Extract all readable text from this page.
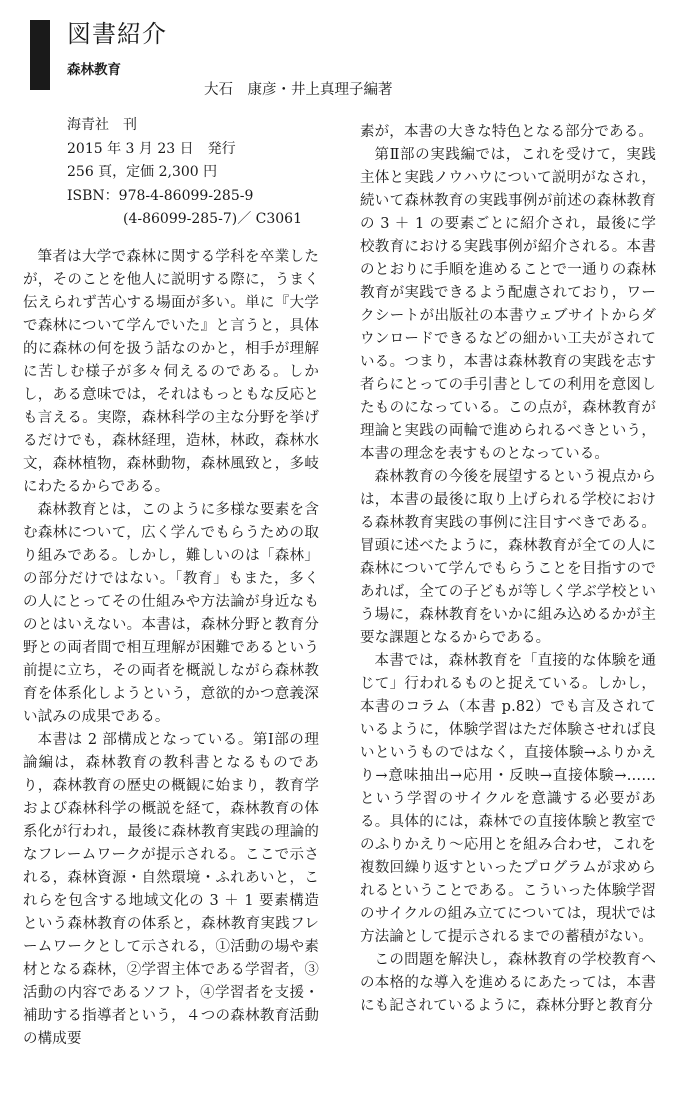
図書紹介
森林教育
大石　康彦・井上真理子編著
海青社　刊
2015 年 3 月 23 日　発行
256 頁，定価 2,300 円
ISBN：978-4-86099-285-9
(4-86099-285-7)／ C3061

筆者は大学で森林に関する学科を卒業したが，そのことを他人に説明する際に，うまく伝えられず苦心する場面が多い。単に『大学で森林について学んでいた』と言うと，具体的に森林の何を扱う話なのかと，相手が理解に苦しむ様子が多々伺えるのである。しかし，ある意味では，それはもっともな反応とも言える。実際，森林科学の主な分野を挙げるだけでも，森林経理，造林，林政，森林水文，森林植物，森林動物，森林風致と，多岐にわたるからである。

森林教育とは，このように多様な要素を含む森林について，広く学んでもらうための取り組みである。しかし，難しいのは「森林」の部分だけではない。「教育」もまた，多くの人にとってその仕組みや方法論が身近なものとはいえない。本書は，森林分野と教育分野との両者間で相互理解が困難であるという前提に立ち，その両者を概説しながら森林教育を体系化しようという，意欲的かつ意義深い試みの成果である。

本書は 2 部構成となっている。第Ⅰ部の理論編は，森林教育の教科書となるものであり，森林教育の歴史の概観に始まり，教育学および森林科学の概説を経て，森林教育の体系化が行われ，最後に森林教育実践の理論的なフレームワークが提示される。ここで示される，森林資源・自然環境・ふれあいと，これらを包含する地域文化の 3 ＋ 1 要素構造という森林教育の体系と，森林教育実践フレームワークとして示される，①活動の場や素材となる森林，②学習主体である学習者，③活動の内容であるソフト，④学習者を支援・補助する指導者という，４つの森林教育活動の構成要

素が，本書の大きな特色となる部分である。

第Ⅱ部の実践編では，これを受けて，実践主体と実践ノウハウについて説明がなされ，続いて森林教育の実践事例が前述の森林教育の 3 ＋ 1 の要素ごとに紹介され，最後に学校教育における実践事例が紹介される。本書のとおりに手順を進めることで一通りの森林教育が実践できるよう配慮されており，ワークシートが出版社の本書ウェブサイトからダウンロードできるなどの細かい工夫がされている。つまり，本書は森林教育の実践を志す者らにとっての手引書としての利用を意図したものになっている。この点が，森林教育が理論と実践の両輪で進められるべきという，本書の理念を表すものとなっている。

森林教育の今後を展望するという視点からは，本書の最後に取り上げられる学校における森林教育実践の事例に注目すべきである。冒頭に述べたように，森林教育が全ての人に森林について学んでもらうことを目指すのであれば，全ての子どもが等しく学ぶ学校という場に，森林教育をいかに組み込めるかが主要な課題となるからである。

本書では，森林教育を「直接的な体験を通じて」行われるものと捉えている。しかし，本書のコラム（本書 p.82）でも言及されているように，体験学習はただ体験させれば良いというものではなく，直接体験→ふりかえり→意味抽出→応用・反映→直接体験→……という学習のサイクルを意識する必要がある。具体的には，森林での直接体験と教室でのふりかえり～応用とを組み合わせ，これを複数回繰り返すといったプログラムが求められるということである。こういった体験学習のサイクルの組み立てについては，現状では方法論として提示されるまでの蓄積がない。

この問題を解決し，森林教育の学校教育への本格的な導入を進めるにあたっては，本書にも記されているように，森林分野と教育分
